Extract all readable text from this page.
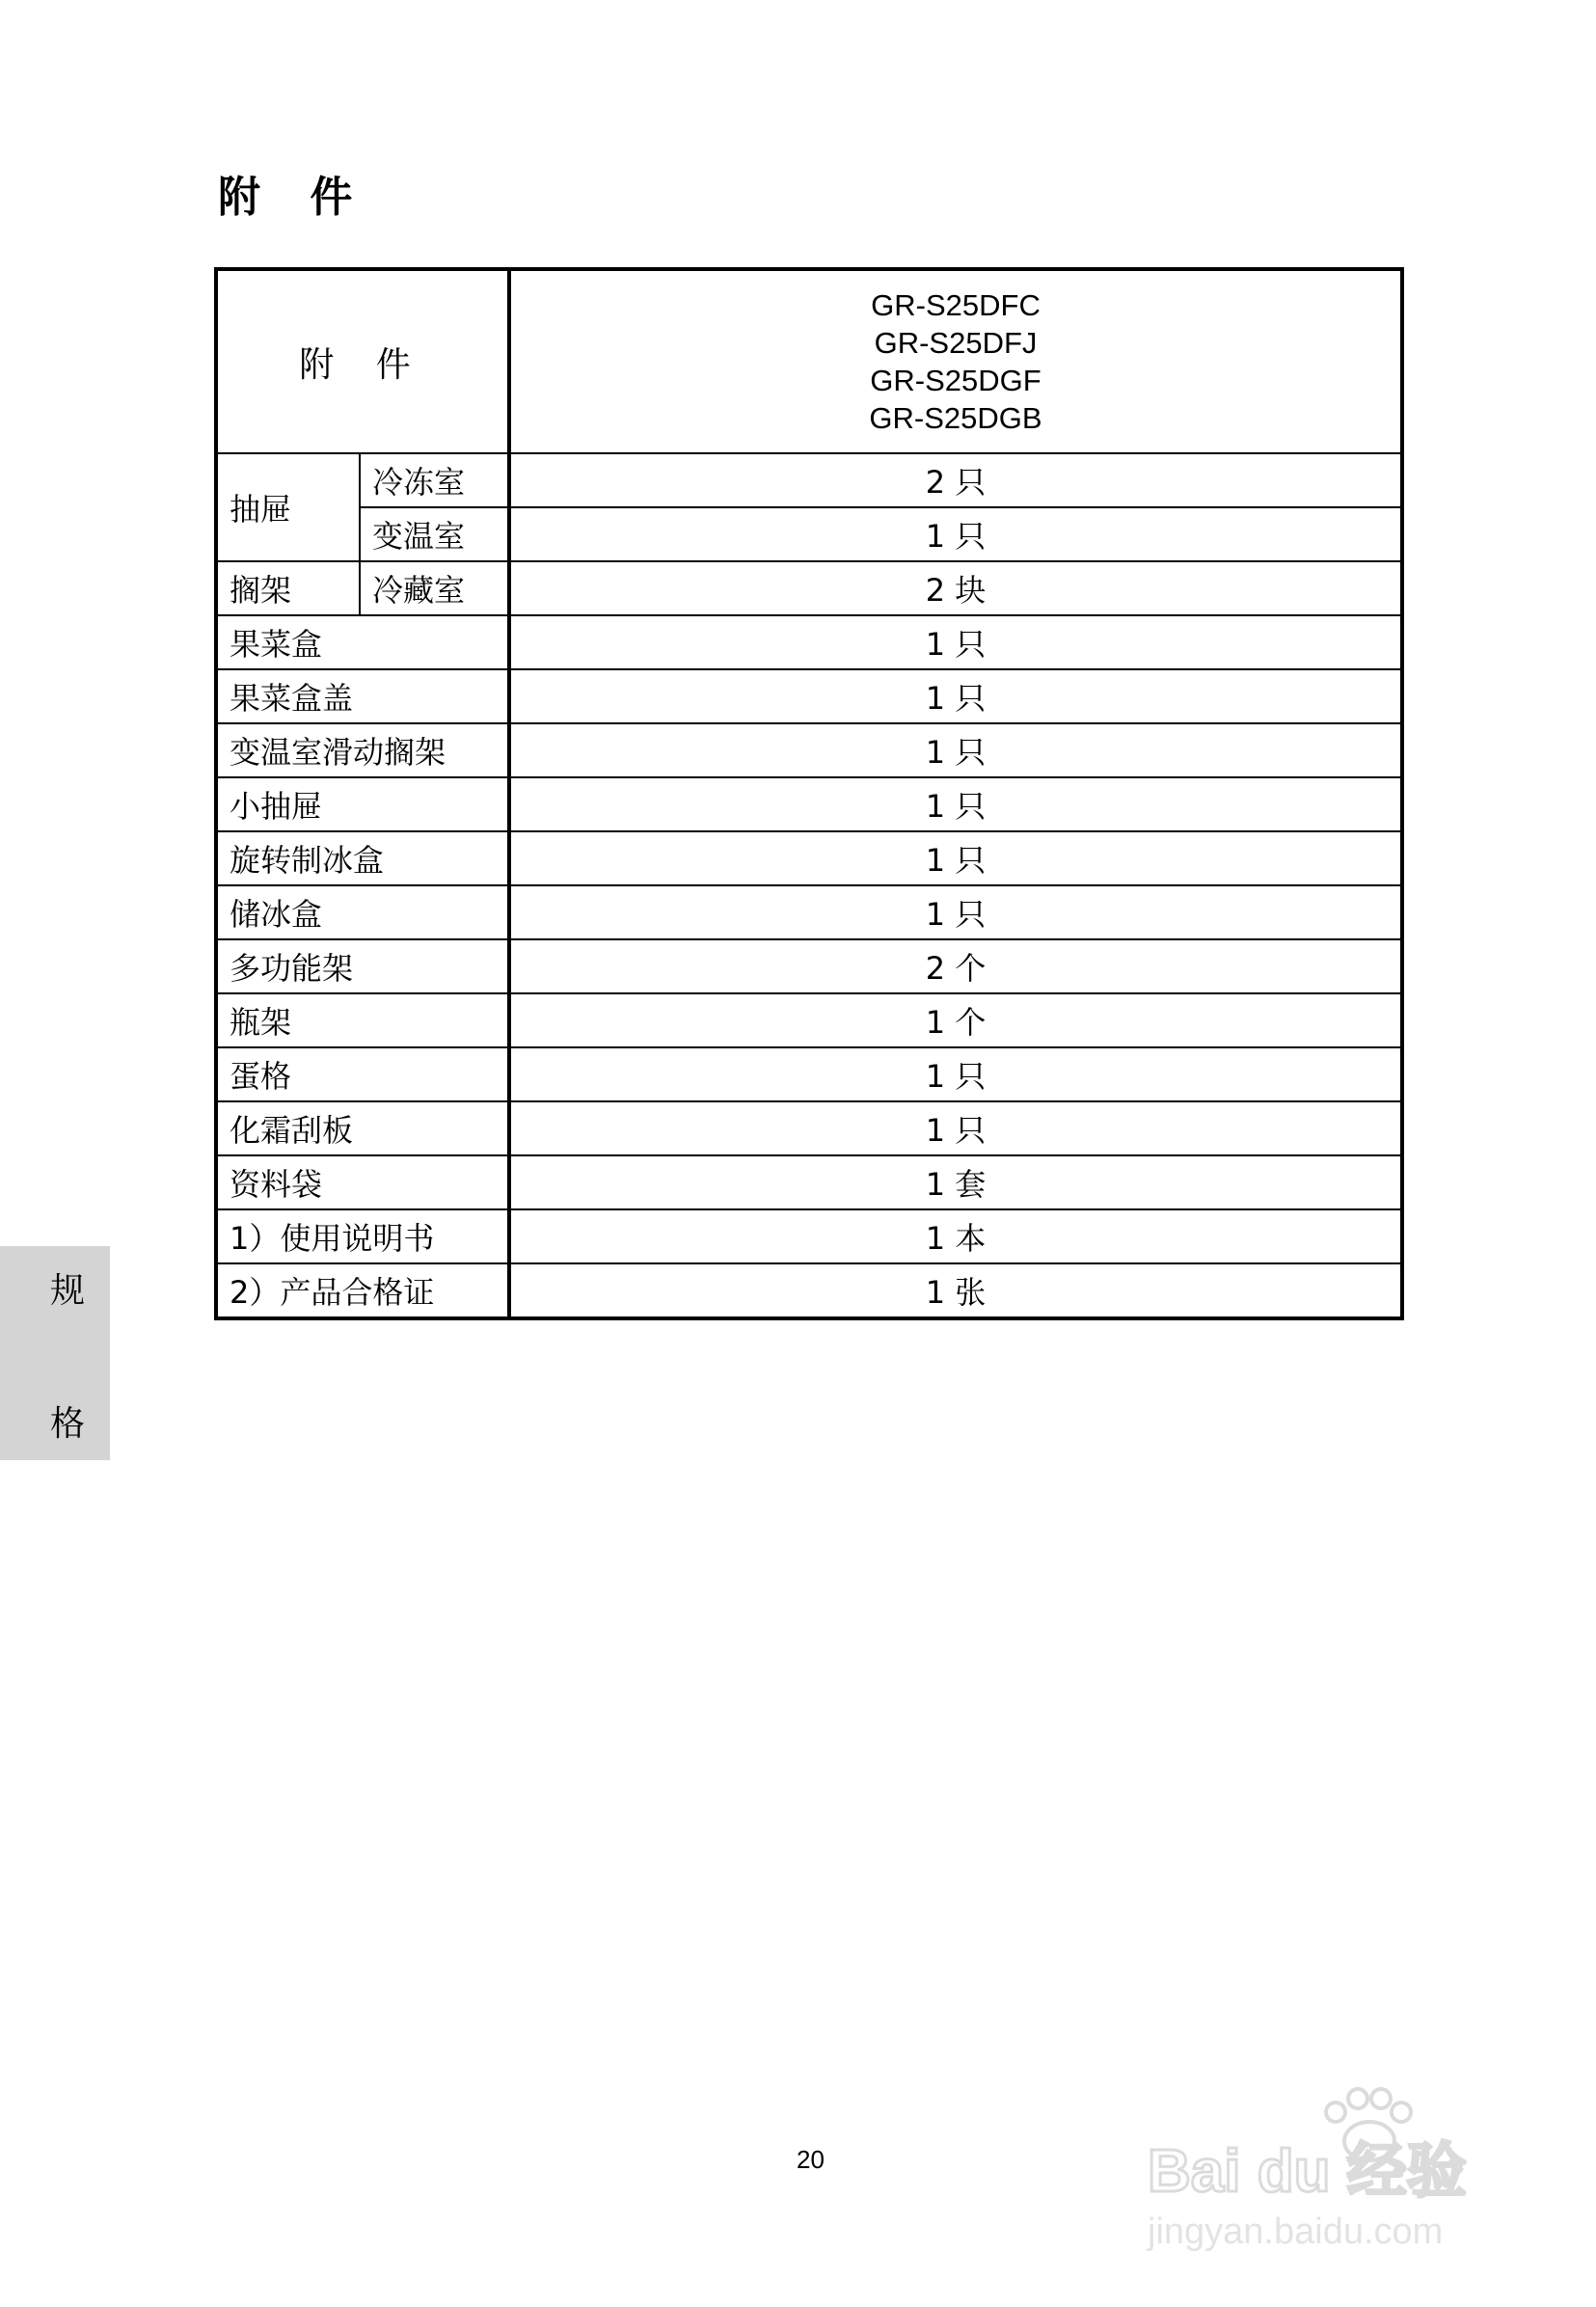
附 件
附 件		GR-S25DFC
GR-S25DFJ
GR-S25DGF
GR-S25DGB

抽屉	冷冻室	2 只
	变温室	1 只
搁架	冷藏室	2 块
果菜盒		1 只
果菜盒盖		1 只
变温室滑动搁架		1 只
小抽屉		1 只
旋转制冰盒		1 只
储冰盒		1 只
多功能架		2 个
瓶架		1 个
蛋格		1 只
化霜刮板		1 只
资料袋		1 套
1）使用说明书		1 本
2）产品合格证		1 张
规
格
20	Bai du 经验
jingyan.baidu.com
